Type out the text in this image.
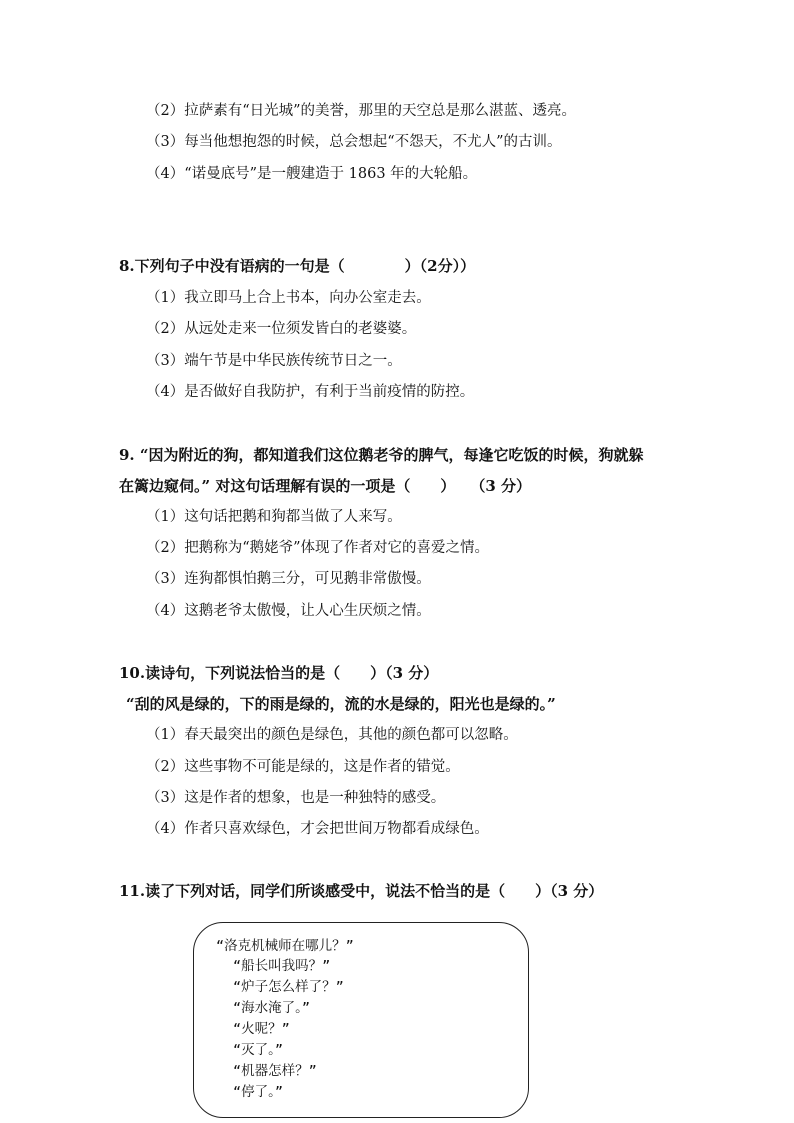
（2）拉萨素有“日光城”的美誉，那里的天空总是那么湛蓝、透亮。
（3）每当他想抱怨的时候，总会想起“不怨天，不尤人”的古训。
（4）“诺曼底号”是一艘建造于 1863 年的大轮船。
8.下列句子中没有语病的一句是（　　　　）（2分））
（1）我立即马上合上书本，向办公室走去。
（2）从远处走来一位须发皆白的老婆婆。
（3）端午节是中华民族传统节日之一。
（4）是否做好自我防护，有利于当前疫情的防控。
9. “因为附近的狗，都知道我们这位鹅老爷的脾气，每逢它吃饭的时候，狗就躲
在篱边窥伺。” 对这句话理解有误的一项是（　　）　　（3 分）
（1）这句话把鹅和狗都当做了人来写。
（2）把鹅称为“鹅姥爷”体现了作者对它的喜爱之情。
（3）连狗都惧怕鹅三分，可见鹅非常傲慢。
（4）这鹅老爷太傲慢，让人心生厌烦之情。
10.读诗句，下列说法恰当的是（　　）（3 分）
“刮的风是绿的，下的雨是绿的，流的水是绿的，阳光也是绿的。”
（1）春天最突出的颜色是绿色，其他的颜色都可以忽略。
（2）这些事物不可能是绿的，这是作者的错觉。
（3）这是作者的想象，也是一种独特的感受。
（4）作者只喜欢绿色，才会把世间万物都看成绿色。
11.读了下列对话，同学们所谈感受中，说法不恰当的是（　　）（3 分）
“洛克机械师在哪儿？”
“船长叫我吗？”
“炉子怎么样了？”
“海水淹了。”
“火呢？”
“灭了。”
“机器怎样？”
“停了。”
